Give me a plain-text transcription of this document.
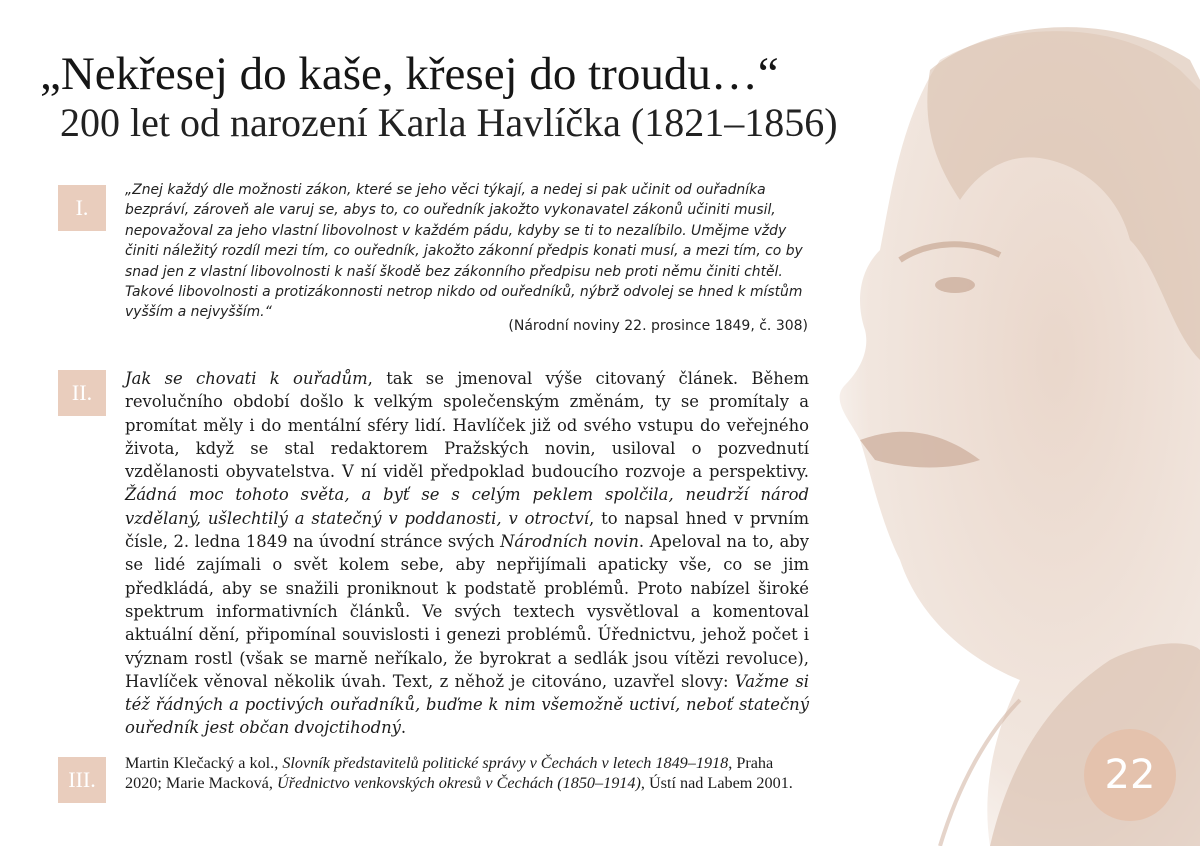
„Nekřesej do kaše, křesej do troudu…“
200 let od narození Karla Havlíčka (1821–1856)
I.
„Znej každý dle možnosti zákon, které se jeho věci týkají, a nedej si pak učinit od ouřadníka bezpráví, zároveň ale varuj se, abys to, co ouředník jakožto vykonavatel zákonů učiniti musil, nepovažoval za jeho vlastní libovolnost v každém pádu, kdyby se ti to nezalíbilo. Umějme vždy činiti náležitý rozdíl mezi tím, co ouředník, jakožto zákonní předpis konati musí, a mezi tím, co by snad jen z vlastní libovolnosti k naší škodě bez zákonního předpisu neb proti němu činiti chtěl. Takové libovolnosti a protizákonnosti netrop nikdo od ouředníků, nýbrž odvolej se hned k místům vyšším a nejvyšším.“
(Národní noviny 22. prosince 1849, č. 308)
II.
Jak se chovati k ouřadům, tak se jmenoval výše citovaný článek. Během revolučního období došlo k velkým společenským změnám, ty se promítaly a promítat měly i do mentální sféry lidí. Havlíček již od svého vstupu do veřejného života, když se stal redaktorem Pražských novin, usiloval o pozvednutí vzdělanosti obyvatelstva. V ní viděl předpoklad budoucího rozvoje a perspektivy. Žádná moc tohoto světa, a byť se s celým peklem spolčila, neudrží národ vzdělaný, ušlechtilý a statečný v poddanosti, v otroctví, to napsal hned v prvním čísle, 2. ledna 1849 na úvodní stránce svých Národních novin. Apeloval na to, aby se lidé zajímali o svět kolem sebe, aby nepřijímali apaticky vše, co se jim předkládá, aby se snažili proniknout k podstatě problémů. Proto nabízel široké spektrum informativních článků. Ve svých textech vysvětloval a komentoval aktuální dění, připomínal souvislosti i genezi problémů. Úřednictvu, jehož počet i význam rostl (však se marně neříkalo, že byrokrat a sedlák jsou vítězi revoluce), Havlíček věnoval několik úvah. Text, z něhož je citováno, uzavřel slovy: Važme si též řádných a poctivých ouřadníků, buďme k nim všemožně uctiví, neboť statečný ouředník jest občan dvojctihodný.
III.
Martin Klečacký a kol., Slovník představitelů politické správy v Čechách v letech 1849–1918, Praha 2020; Marie Macková, Úřednictvo venkovských okresů v Čechách (1850–1914), Ústí nad Labem 2001.	22
